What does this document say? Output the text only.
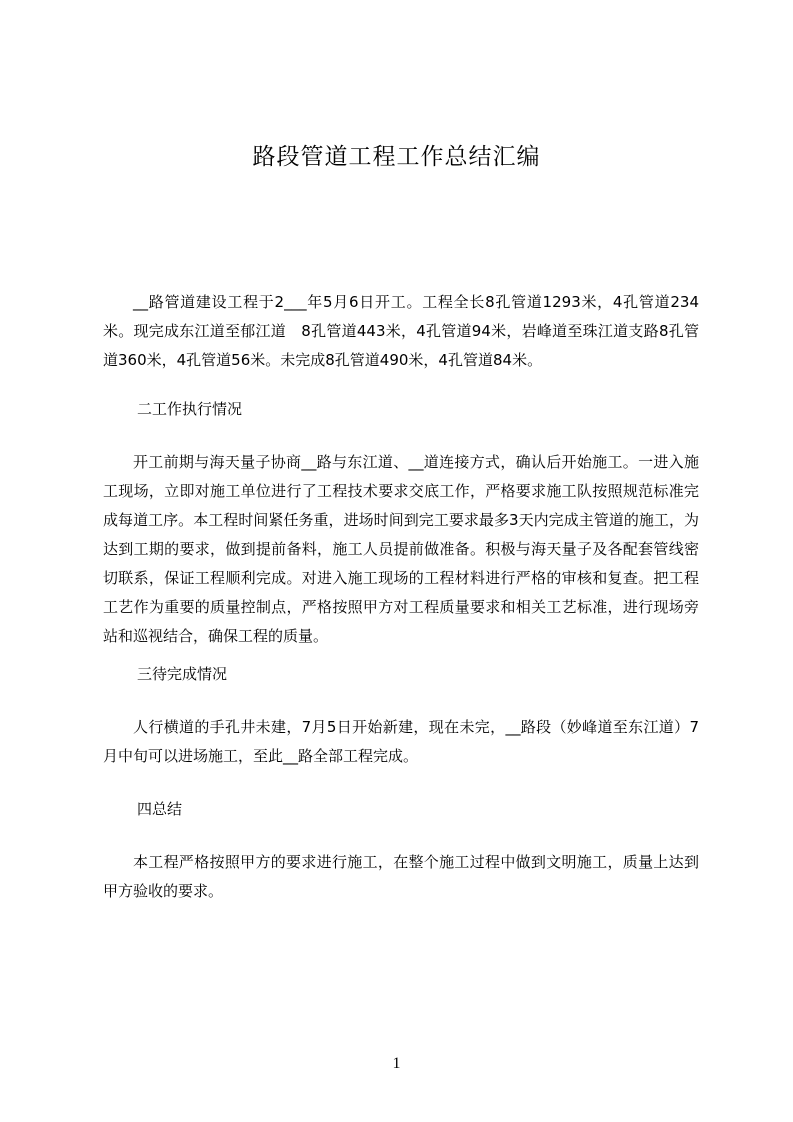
路段管道工程工作总结汇编

__路管道建设工程于2___年5月6日开工。工程全长8孔管道1293米，4孔管道234米。现完成东江道至郁江道　8孔管道443米，4孔管道94米，岩峰道至珠江道支路8孔管道360米，4孔管道56米。未完成8孔管道490米，4孔管道84米。

二工作执行情况

开工前期与海天量子协商__路与东江道、__道连接方式，确认后开始施工。一进入施工现场，立即对施工单位进行了工程技术要求交底工作，严格要求施工队按照规范标准完成每道工序。本工程时间紧任务重，进场时间到完工要求最多3天内完成主管道的施工，为达到工期的要求，做到提前备料，施工人员提前做准备。积极与海天量子及各配套管线密切联系，保证工程顺利完成。对进入施工现场的工程材料进行严格的审核和复查。把工程工艺作为重要的质量控制点，严格按照甲方对工程质量要求和相关工艺标准，进行现场旁站和巡视结合，确保工程的质量。

三待完成情况

人行横道的手孔井未建，7月5日开始新建，现在未完，__路段（妙峰道至东江道）7月中旬可以进场施工，至此__路全部工程完成。

四总结

本工程严格按照甲方的要求进行施工，在整个施工过程中做到文明施工，质量上达到甲方验收的要求。

1
